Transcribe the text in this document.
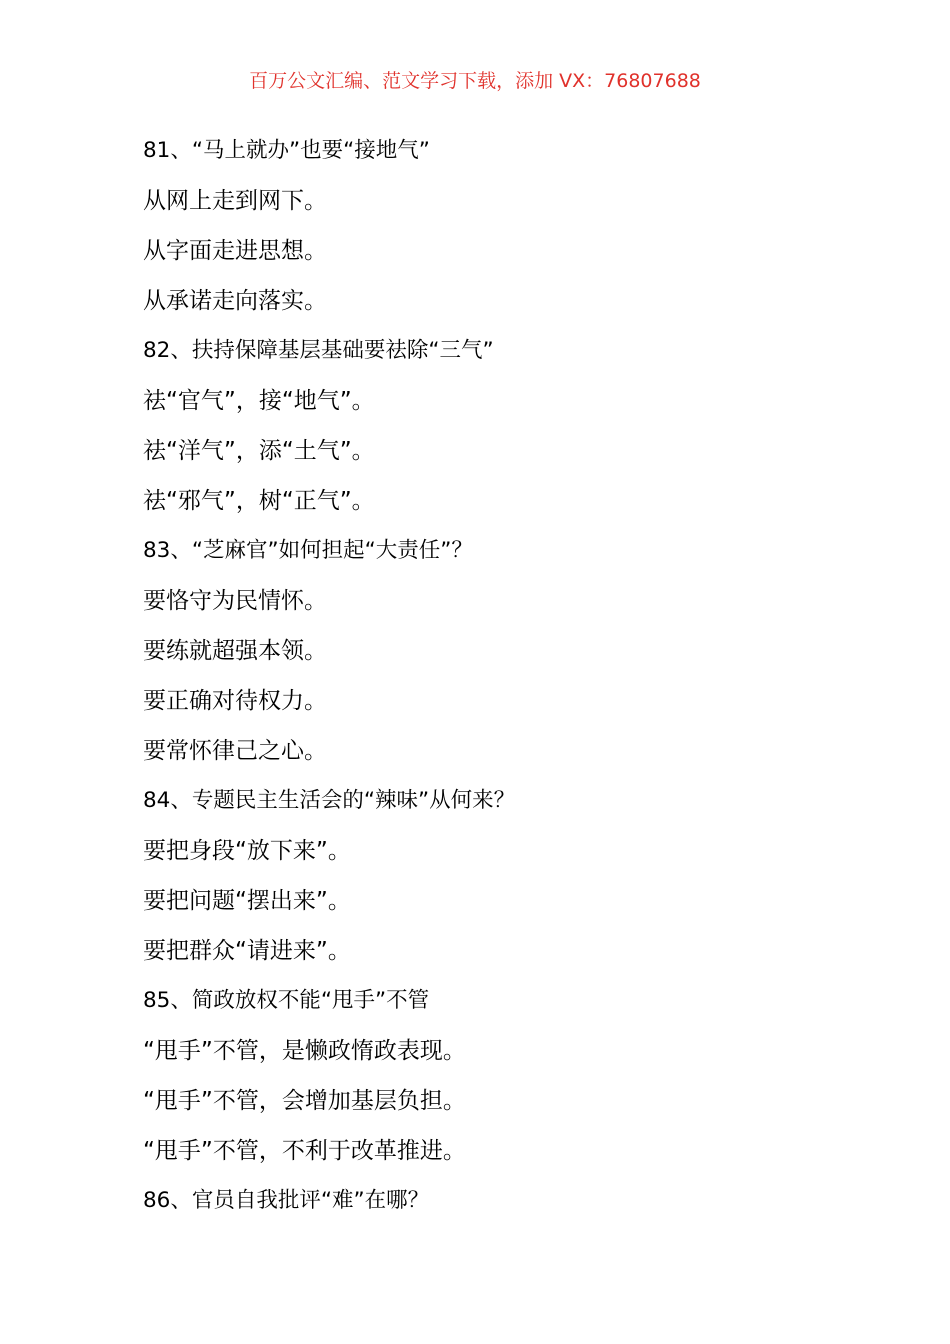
百万公文汇编、范文学习下载，添加 VX：76807688
81、“马上就办”也要“接地气”
从网上走到网下。
从字面走进思想。
从承诺走向落实。
82、扶持保障基层基础要祛除“三气”
祛“官气”，接“地气”。
祛“洋气”，添“土气”。
祛“邪气”，树“正气”。
83、“芝麻官”如何担起“大责任”？
要恪守为民情怀。
要练就超强本领。
要正确对待权力。
要常怀律己之心。
84、专题民主生活会的“辣味”从何来？
要把身段“放下来”。
要把问题“摆出来”。
要把群众“请进来”。
85、简政放权不能“甩手”不管
“甩手”不管，是懒政惰政表现。
“甩手”不管，会增加基层负担。
“甩手”不管，不利于改革推进。
86、官员自我批评“难”在哪？
